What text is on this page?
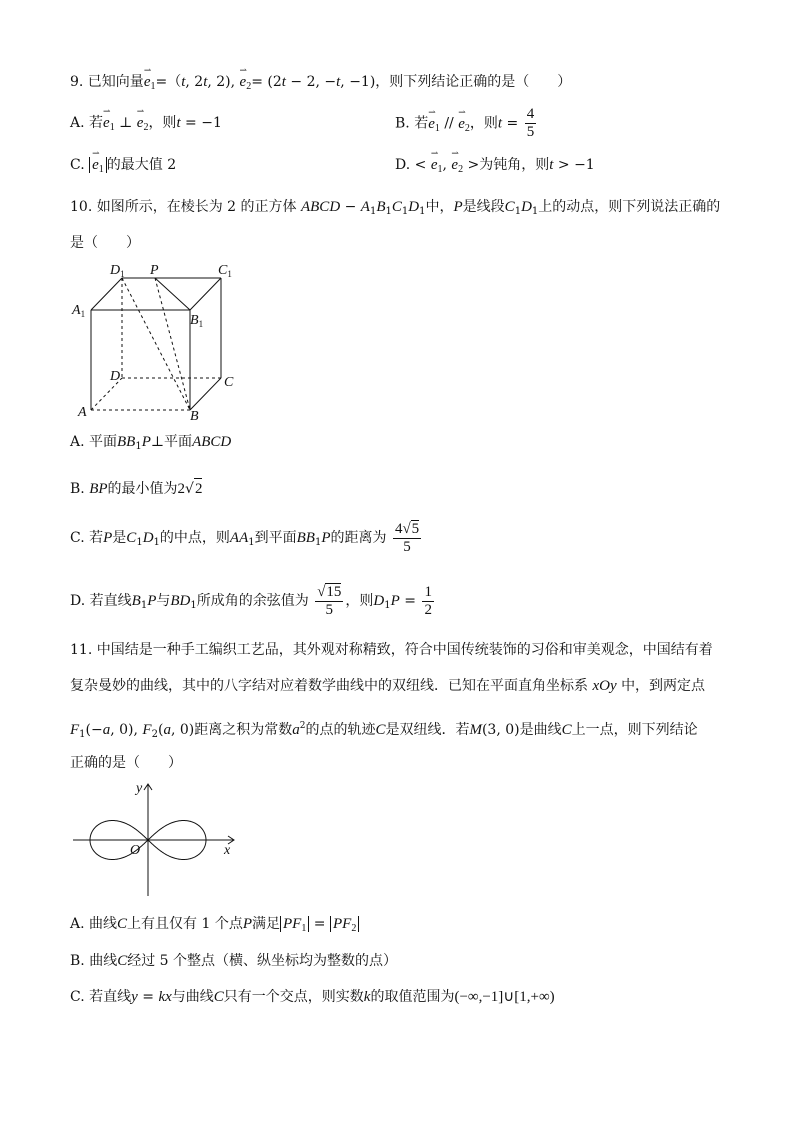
9. 已知向量⇀ $e_1=(t$, 2t, 2), ⇀ $e_2= (2t - 2$, −t, −1)，则下列结论正确的是（　　）
A. 若⇀ $e_1$ ⊥ ⇀ $e_2$，则t = −1	B. 若⇀ $e_1$ // ⇀ $e_2$，则$t = \frac{4}{5}$
C. ⇀ $e_1$ 的最大值 2	D. < ⇀ $e_1$, ⇀ $e_2$ >为钝角，则t > −1
10. 如图所示，在棱长为 2 的正方体 ABCD − $A_1B_1C_1D_1$中，P是线段$C_1D_1$上的动点，则下列说法正确的
是（　　）
$D_1$ P	$C_1$
$A_1$	$B_1$
D	C
A	B
A. 平面$BB_1P\perp$平面ABCD
B. BP的最小值为2√2
C. 若P是$C_1D_1$的中点，则$AA_1$到平面$BB_1P$的距离为 $\frac{4√5}{5}$
D. 若直线$B_1P$与$BD_1$所成角的余弦值为 $\frac{√15}{5}$ ，则$D_1P = \frac{1}{2}$
11. 中国结是一种手工编织工艺品，其外观对称精致，符合中国传统装饰的习俗和审美观念，中国结有着
复杂曼妙的曲线，其中的八字结对应着数学曲线中的双纽线．已知在平面直角坐标系 xOy 中，到两定点
$F_1(-a$, 0), $F_2(a$, 0)距离之积为常数$a^2$的点的轨迹C是双纽线．若M(3, 0)是曲线C上一点，则下列结论
正确的是（　　）
y
x
O
A. 曲线C上有且仅有 1 个点P满足 $PF_1 = PF_2$
B. 曲线C经过 5 个整点（横、纵坐标均为整数的点）
C. 若直线y = kx与曲线C只有一个交点，则实数k的取值范围为(−∞,−1]∪[1,+∞)
